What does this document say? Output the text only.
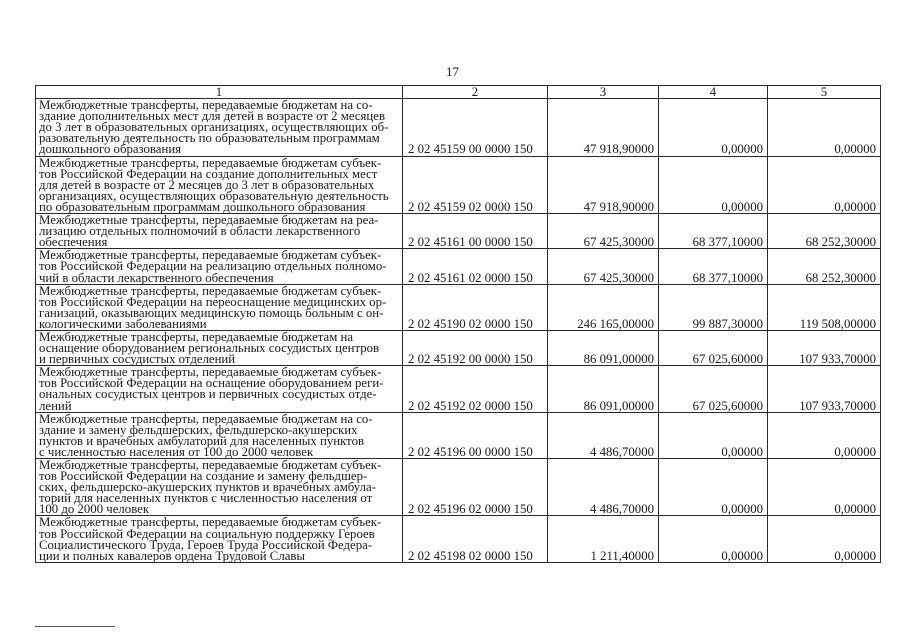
17
1	2	3	4	5

Межбюджетные трансферты, передаваемые бюджетам на со-
здание дополнительных мест для детей в возрасте от 2 месяцев
до 3 лет в образовательных организациях, осуществляющих об-
разовательную деятельность по образовательным программам
дошкольного образования	2 02 45159 00 0000 150	47 918,90000	0,00000	0,00000

Межбюджетные трансферты, передаваемые бюджетам субъек-
тов Российской Федерации на создание дополнительных мест
для детей в возрасте от 2 месяцев до 3 лет в образовательных
организациях, осуществляющих образовательную деятельность
по образовательным программам дошкольного образования	2 02 45159 02 0000 150	47 918,90000	0,00000	0,00000

Межбюджетные трансферты, передаваемые бюджетам на реа-
лизацию отдельных полномочий в области лекарственного
обеспечения	2 02 45161 00 0000 150	67 425,30000	68 377,10000	68 252,30000

Межбюджетные трансферты, передаваемые бюджетам субъек-
тов Российской Федерации на реализацию отдельных полномо-
чий в области лекарственного обеспечения	2 02 45161 02 0000 150	67 425,30000	68 377,10000	68 252,30000

Межбюджетные трансферты, передаваемые бюджетам субъек-
тов Российской Федерации на переоснащение медицинских ор-
ганизаций, оказывающих медицинскую помощь больным с он-
кологическими заболеваниями	2 02 45190 02 0000 150	246 165,00000	99 887,30000	119 508,00000

Межбюджетные трансферты, передаваемые бюджетам на
оснащение оборудованием региональных сосудистых центров
и первичных сосудистых отделений	2 02 45192 00 0000 150	86 091,00000	67 025,60000	107 933,70000

Межбюджетные трансферты, передаваемые бюджетам субъек-
тов Российской Федерации на оснащение оборудованием реги-
ональных сосудистых центров и первичных сосудистых отде-
лений	2 02 45192 02 0000 150	86 091,00000	67 025,60000	107 933,70000

Межбюджетные трансферты, передаваемые бюджетам на со-
здание и замену фельдшерских, фельдшерско-акушерских
пунктов и врачебных амбулаторий для населенных пунктов
с численностью населения от 100 до 2000 человек	2 02 45196 00 0000 150	4 486,70000	0,00000	0,00000

Межбюджетные трансферты, передаваемые бюджетам субъек-
тов Российской Федерации на создание и замену фельдшер-
ских, фельдшерско-акушерских пунктов и врачебных амбула-
торий для населенных пунктов с численностью населения от
100 до 2000 человек	2 02 45196 02 0000 150	4 486,70000	0,00000	0,00000

Межбюджетные трансферты, передаваемые бюджетам субъек-
тов Российской Федерации на социальную поддержку Героев
Социалистического Труда, Героев Труда Российской Федера-
ции и полных кавалеров ордена Трудовой Славы	2 02 45198 02 0000 150	1 211,40000	0,00000	0,00000
